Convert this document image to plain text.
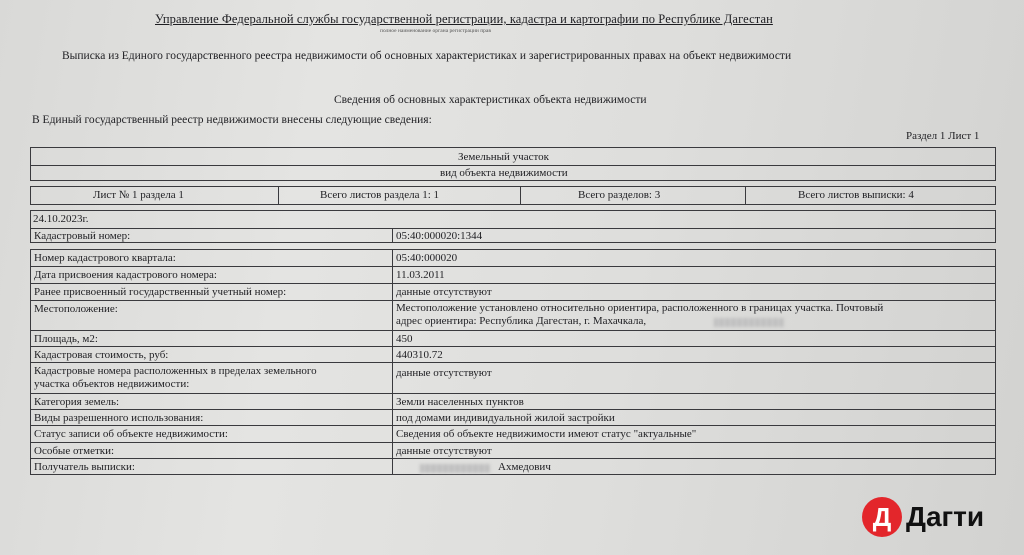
Управление Федеральной службы государственной регистрации, кадастра и картографии по Республике Дагестан
полное наименование органа регистрации прав
Выписка из Единого государственного реестра недвижимости об основных характеристиках и зарегистрированных правах на объект недвижимости
Сведения об основных характеристиках объекта недвижимости
В Единый государственный реестр недвижимости внесены следующие сведения:
Раздел 1 Лист 1
Земельный участок
вид объекта недвижимости
Лист № 1 раздела 1	Всего листов раздела 1: 1	Всего разделов: 3	Всего листов выписки: 4
24.10.2023г.
Кадастровый номер:	05:40:000020:1344
Номер кадастрового квартала:	05:40:000020
Дата присвоения кадастрового номера:	11.03.2011
Ранее присвоенный государственный учетный номер:	данные отсутствуют
Местоположение:	Местоположение установлено относительно ориентира, расположенного в границах участка. Почтовый
адрес ориентира: Республика Дагестан, г. Махачкала,
Площадь, м2:	450
Кадастровая стоимость, руб:	440310.72
Кадастровые номера расположенных в пределах земельного
участка объектов недвижимости:
данные отсутствуют
Категория земель:	Земли населенных пунктов
Виды разрешенного использования:	под домами индивидуальной жилой застройки
Статус записи об объекте недвижимости:	Сведения об объекте недвижимости имеют статус "актуальные"
Особые отметки:	данные отсутствуют
Получатель выписки:	Ахмедович
Д Дагти
